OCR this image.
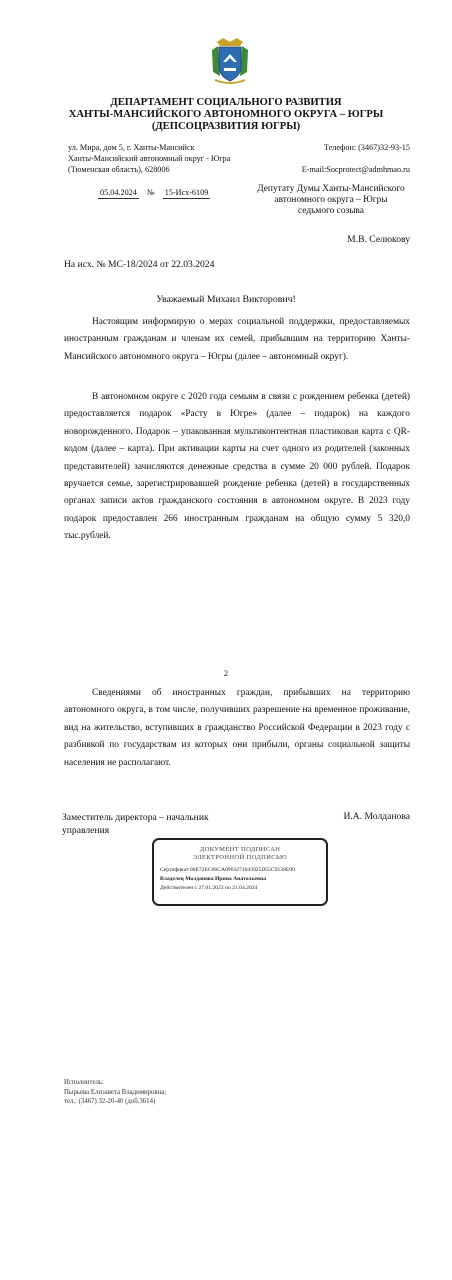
ДЕПАРТАМЕНТ СОЦИАЛЬНОГО РАЗВИТИЯ
ХАНТЫ-МАНСИЙСКОГО АВТОНОМНОГО ОКРУГА – ЮГРЫ
(ДЕПСОЦРАЗВИТИЯ ЮГРЫ)
ул. Мира, дом 5, г. Ханты-Мансийск
Ханты-Мансийский автономный округ - Югра
(Тюменская область), 628006
Телефон: (3467)32-93-15
E-mail:Socprotect@admhmao.ru
05.04.2024 № 15-Исх-6109	Депутату Думы Ханты-Мансийского
автономного округа – Югры
седьмого созыва
М.В. Селюкову
На исх. № МС-18/2024 от 22.03.2024
Уважаемый Михаил Викторович!
Настоящим информирую о мерах социальной поддержки, предоставляемых иностранным гражданам и членам их семей, прибывшим на территорию Ханты-Мансийского автономного округа – Югры (далее – автономный округ).
В автономном округе с 2020 года семьям в связи с рождением ребенка (детей) предоставляется подарок «Расту в Югре» (далее – подарок) на каждого новорожденного. Подарок – упакованная мультиконтентная пластиковая карта с QR-кодом (далее – карта). При активации карты на счет одного из родителей (законных представителей) зачисляются денежные средства в сумме 20 000 рублей. Подарок вручается семье, зарегистрировавшей рождение ребенка (детей) в государственных органах записи актов гражданского состояния в автономном округе. В 2023 году подарок предоставлен 266 иностранным гражданам на общую сумму 5 320,0 тыс.рублей.
2
Сведениями об иностранных граждан, прибывших на территорию автономного округа, в том числе, получивших разрешение на временное проживание, вид на жительство, вступивших в гражданство Российской Федерации в 2023 году с разбивкой по государствам из которых они прибыли, органы социальной защиты населения не располагают.
Заместитель директора – начальник
управления
И.А. Молданова
ДОКУМЕНТ ПОДПИСАН
ЭЛЕКТРОННОЙ ПОДПИСЬЮ
Сертификат 00E72EC06CA0963271043925D55C9138E00
Владелец Молданова Ирина Анатольевна
Действителен с 27.01.2023 по 21.04.2024
Исполнитель:
Пырьева Елизавета Владимировна;
тел.: (3467) 32-20-40 (доб.3614)
